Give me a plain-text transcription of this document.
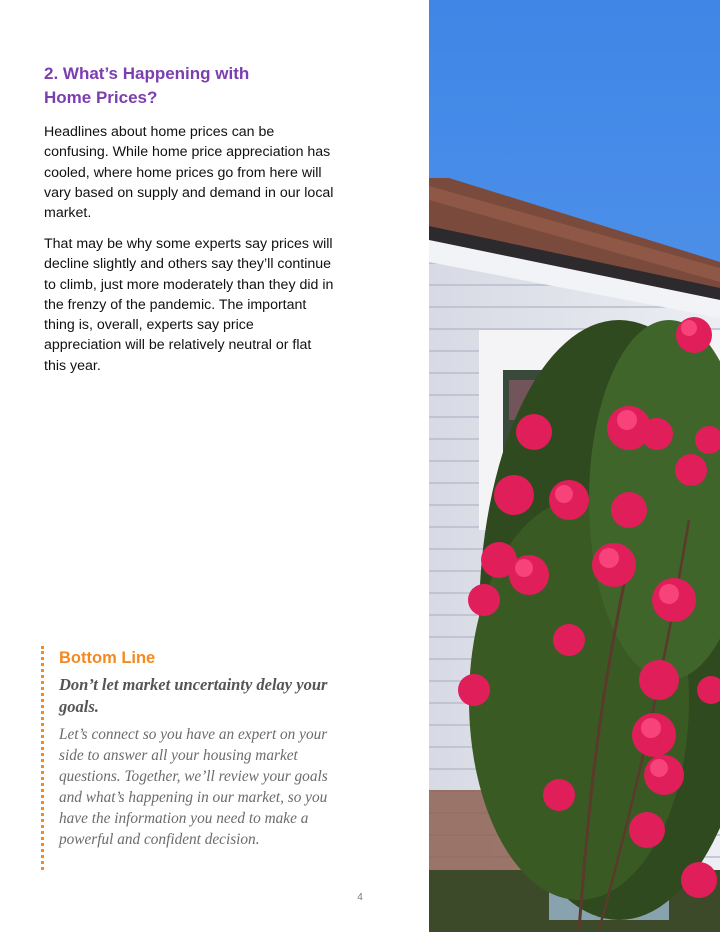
2. What’s Happening with
Home Prices?

Headlines about home prices can be confusing. While home price appreciation has cooled, where home prices go from here will vary based on supply and demand in our local market.

That may be why some experts say prices will decline slightly and others say they’ll continue to climb, just more moderately than they did in the frenzy of the pandemic. The important thing is, overall, experts say price appreciation will be relatively neutral or flat this year.

Bottom Line

Don’t let market uncertainty delay your goals.

Let’s connect so you have an expert on your side to answer all your housing market questions. Together, we’ll review your goals and what’s happening in our market, so you have the information you need to make a powerful and confident decision.

4
